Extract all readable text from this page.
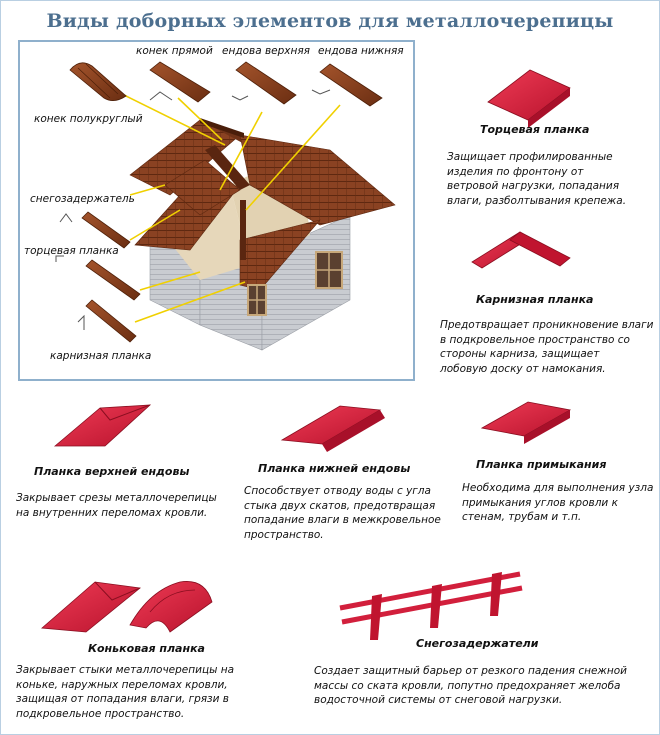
Виды доборных элементов для металлочерепицы
конек полукруглый
конек прямой ендова верхняя ендова нижняя
снегозадержатель
торцевая планка
карнизная планка
Торцевая планка
Защищает профилированные
изделия по фронтону от
ветровой нагрузки, попадания
влаги, разболтывания крепежа.
Карнизная планка
Предотвращает проникновение влаги
в подкровельное пространство со
стороны карниза, защищает
лобовую доску от намокания.
Планка верхней ендовы
Закрывает срезы металлочерепицы
на внутренних переломах кровли.
Планка нижней ендовы
Способствует отводу воды с угла
стыка двух скатов, предотвращая
попадание влаги в межкровельное
пространство.
Планка примыкания
Необходима для выполнения узла
примыкания углов кровли к
стенам, трубам и т.п.
Коньковая планка
Закрывает стыки металлочерепицы на
коньке, наружных переломах кровли,
защищая от попадания влаги, грязи в
подкровельное пространство.
Снегозадержатели
Создает защитный барьер от резкого падения снежной
массы со ската кровли, попутно предохраняет желоба
водосточной системы от снеговой нагрузки.
